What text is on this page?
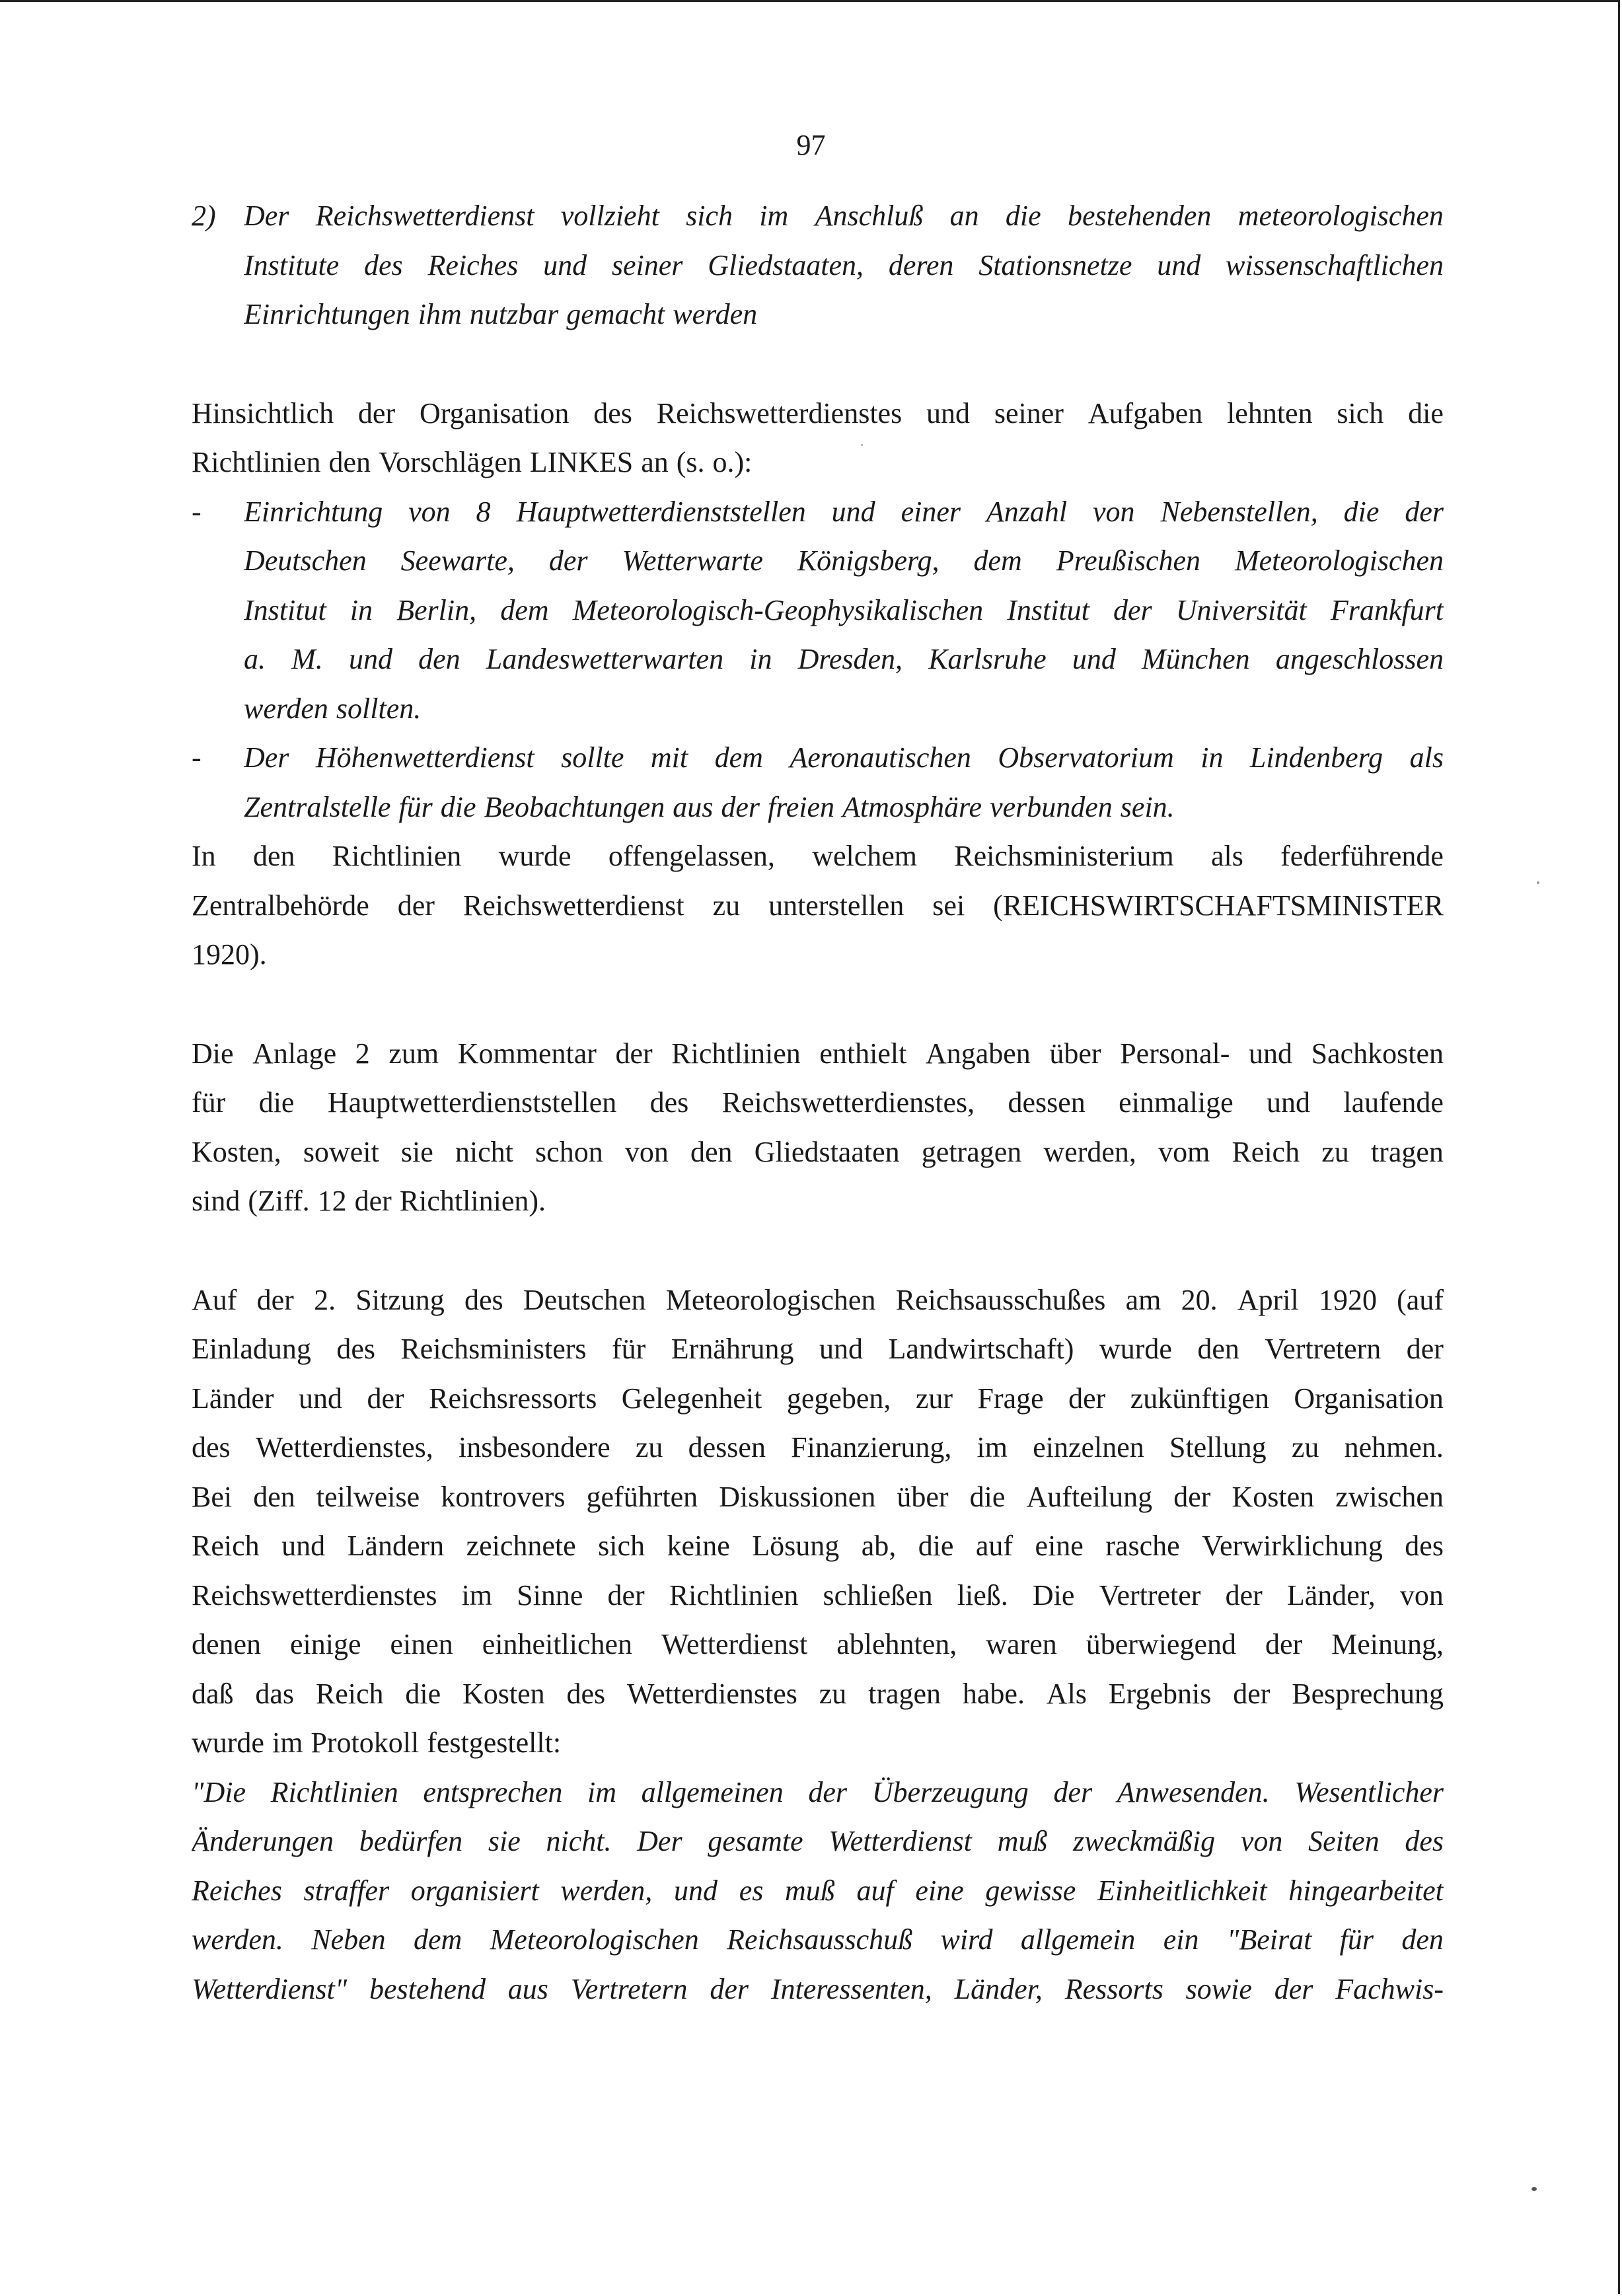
97
2) Der Reichswetterdienst vollzieht sich im Anschluß an die bestehenden meteorologischen
Institute des Reiches und seiner Gliedstaaten, deren Stationsnetze und wissenschaftlichen
Einrichtungen ihm nutzbar gemacht werden
Hinsichtlich der Organisation des Reichswetterdienstes und seiner Aufgaben lehnten sich die
Richtlinien den Vorschlägen LINKES an (s. o.):
-	Einrichtung von 8 Hauptwetterdienststellen und einer Anzahl von Nebenstellen, die der
Deutschen Seewarte, der Wetterwarte Königsberg, dem Preußischen Meteorologischen
Institut in Berlin, dem Meteorologisch-Geophysikalischen Institut der Universität Frankfurt
a. M. und den Landeswetterwarten in Dresden, Karlsruhe und München angeschlossen
werden sollten.
-	Der Höhenwetterdienst sollte mit dem Aeronautischen Observatorium in Lindenberg als
Zentralstelle für die Beobachtungen aus der freien Atmosphäre verbunden sein.
In den Richtlinien wurde offengelassen, welchem Reichsministerium als federführende
Zentralbehörde der Reichswetterdienst zu unterstellen sei (REICHSWIRTSCHAFTSMINISTER
1920).
Die Anlage 2 zum Kommentar der Richtlinien enthielt Angaben über Personal- und Sachkosten
für die Hauptwetterdienststellen des Reichswetterdienstes, dessen einmalige und laufende
Kosten, soweit sie nicht schon von den Gliedstaaten getragen werden, vom Reich zu tragen
sind (Ziff. 12 der Richtlinien).
Auf der 2. Sitzung des Deutschen Meteorologischen Reichsausschußes am 20. April 1920 (auf
Einladung des Reichsministers für Ernährung und Landwirtschaft) wurde den Vertretern der
Länder und der Reichsressorts Gelegenheit gegeben, zur Frage der zukünftigen Organisation
des Wetterdienstes, insbesondere zu dessen Finanzierung, im einzelnen Stellung zu nehmen.
Bei den teilweise kontrovers geführten Diskussionen über die Aufteilung der Kosten zwischen
Reich und Ländern zeichnete sich keine Lösung ab, die auf eine rasche Verwirklichung des
Reichswetterdienstes im Sinne der Richtlinien schließen ließ. Die Vertreter der Länder, von
denen einige einen einheitlichen Wetterdienst ablehnten, waren überwiegend der Meinung,
daß das Reich die Kosten des Wetterdienstes zu tragen habe. Als Ergebnis der Besprechung
wurde im Protokoll festgestellt:
"Die Richtlinien entsprechen im allgemeinen der Überzeugung der Anwesenden. Wesentlicher
Änderungen bedürfen sie nicht. Der gesamte Wetterdienst muß zweckmäßig von Seiten des
Reiches straffer organisiert werden, und es muß auf eine gewisse Einheitlichkeit hingearbeitet
werden. Neben dem Meteorologischen Reichsausschuß wird allgemein ein "Beirat für den
Wetterdienst" bestehend aus Vertretern der Interessenten, Länder, Ressorts sowie der Fachwis-
